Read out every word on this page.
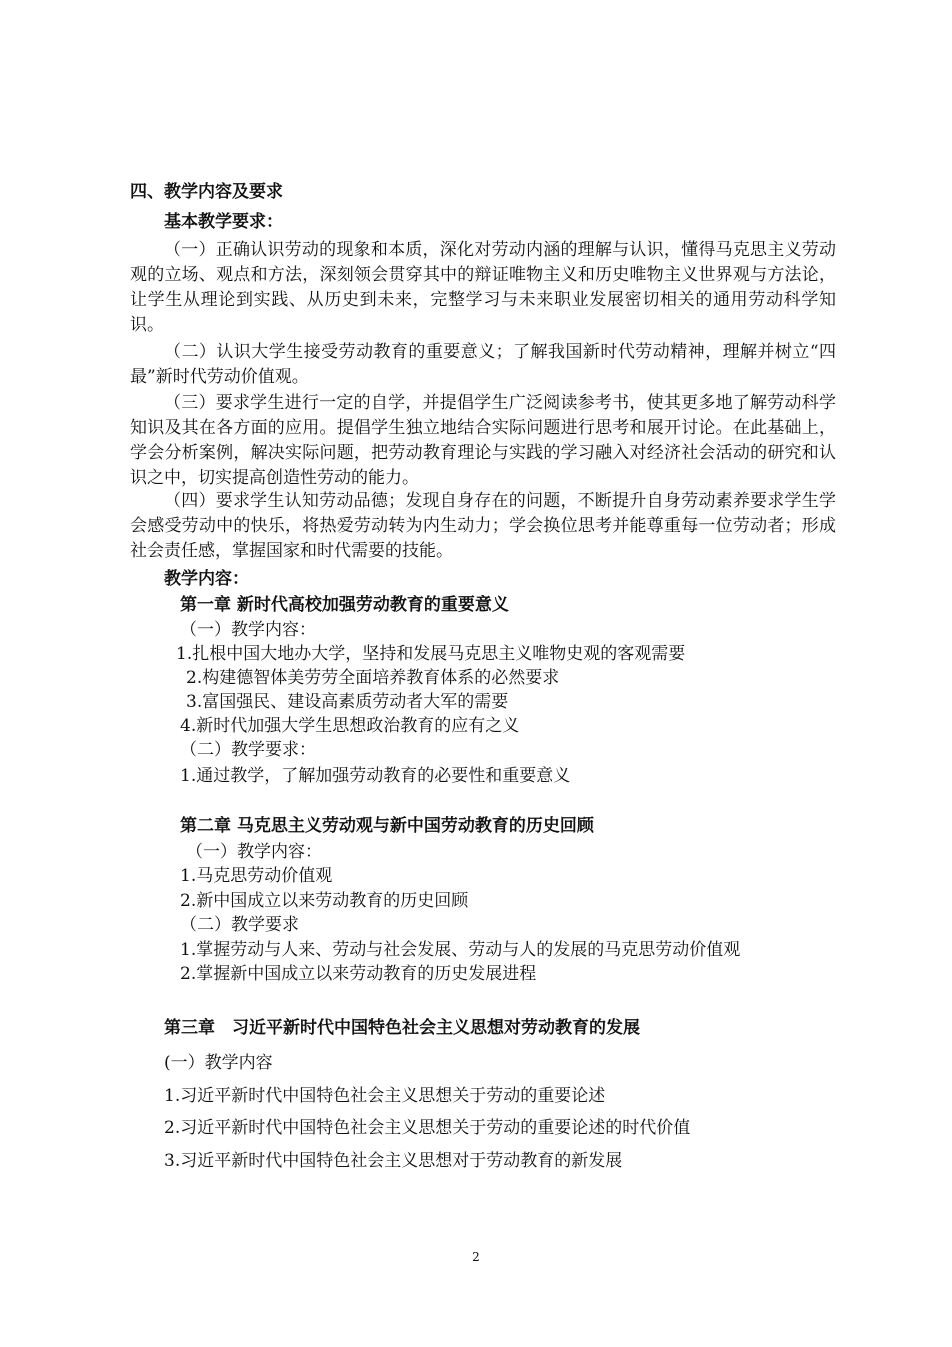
四、教学内容及要求
基本教学要求：
（一）正确认识劳动的现象和本质，深化对劳动内涵的理解与认识，懂得马克思主义劳动观的立场、观点和方法，深刻领会贯穿其中的辩证唯物主义和历史唯物主义世界观与方法论，让学生从理论到实践、从历史到未来，完整学习与未来职业发展密切相关的通用劳动科学知识。
（二）认识大学生接受劳动教育的重要意义；了解我国新时代劳动精神，理解并树立“四最”新时代劳动价值观。
（三）要求学生进行一定的自学，并提倡学生广泛阅读参考书，使其更多地了解劳动科学知识及其在各方面的应用。提倡学生独立地结合实际问题进行思考和展开讨论。在此基础上，学会分析案例，解决实际问题，把劳动教育理论与实践的学习融入对经济社会活动的研究和认识之中，切实提高创造性劳动的能力。
（四）要求学生认知劳动品德；发现自身存在的问题，不断提升自身劳动素养要求学生学会感受劳动中的快乐，将热爱劳动转为内生动力；学会换位思考并能尊重每一位劳动者；形成社会责任感，掌握国家和时代需要的技能。
教学内容：
第一章 新时代高校加强劳动教育的重要意义
（一）教学内容：
1.扎根中国大地办大学，坚持和发展马克思主义唯物史观的客观需要
2.构建德智体美劳劳全面培养教育体系的必然要求
3.富国强民、建设高素质劳动者大军的需要
4.新时代加强大学生思想政治教育的应有之义
（二）教学要求：
1.通过教学，了解加强劳动教育的必要性和重要意义
第二章 马克思主义劳动观与新中国劳动教育的历史回顾
（一）教学内容：
1.马克思劳动价值观
2.新中国成立以来劳动教育的历史回顾
（二）教学要求
1.掌握劳动与人来、劳动与社会发展、劳动与人的发展的马克思劳动价值观
2.掌握新中国成立以来劳动教育的历史发展进程
第三章　习近平新时代中国特色社会主义思想对劳动教育的发展
(一）教学内容
1.习近平新时代中国特色社会主义思想关于劳动的重要论述
2.习近平新时代中国特色社会主义思想关于劳动的重要论述的时代价值
3.习近平新时代中国特色社会主义思想对于劳动教育的新发展
2
